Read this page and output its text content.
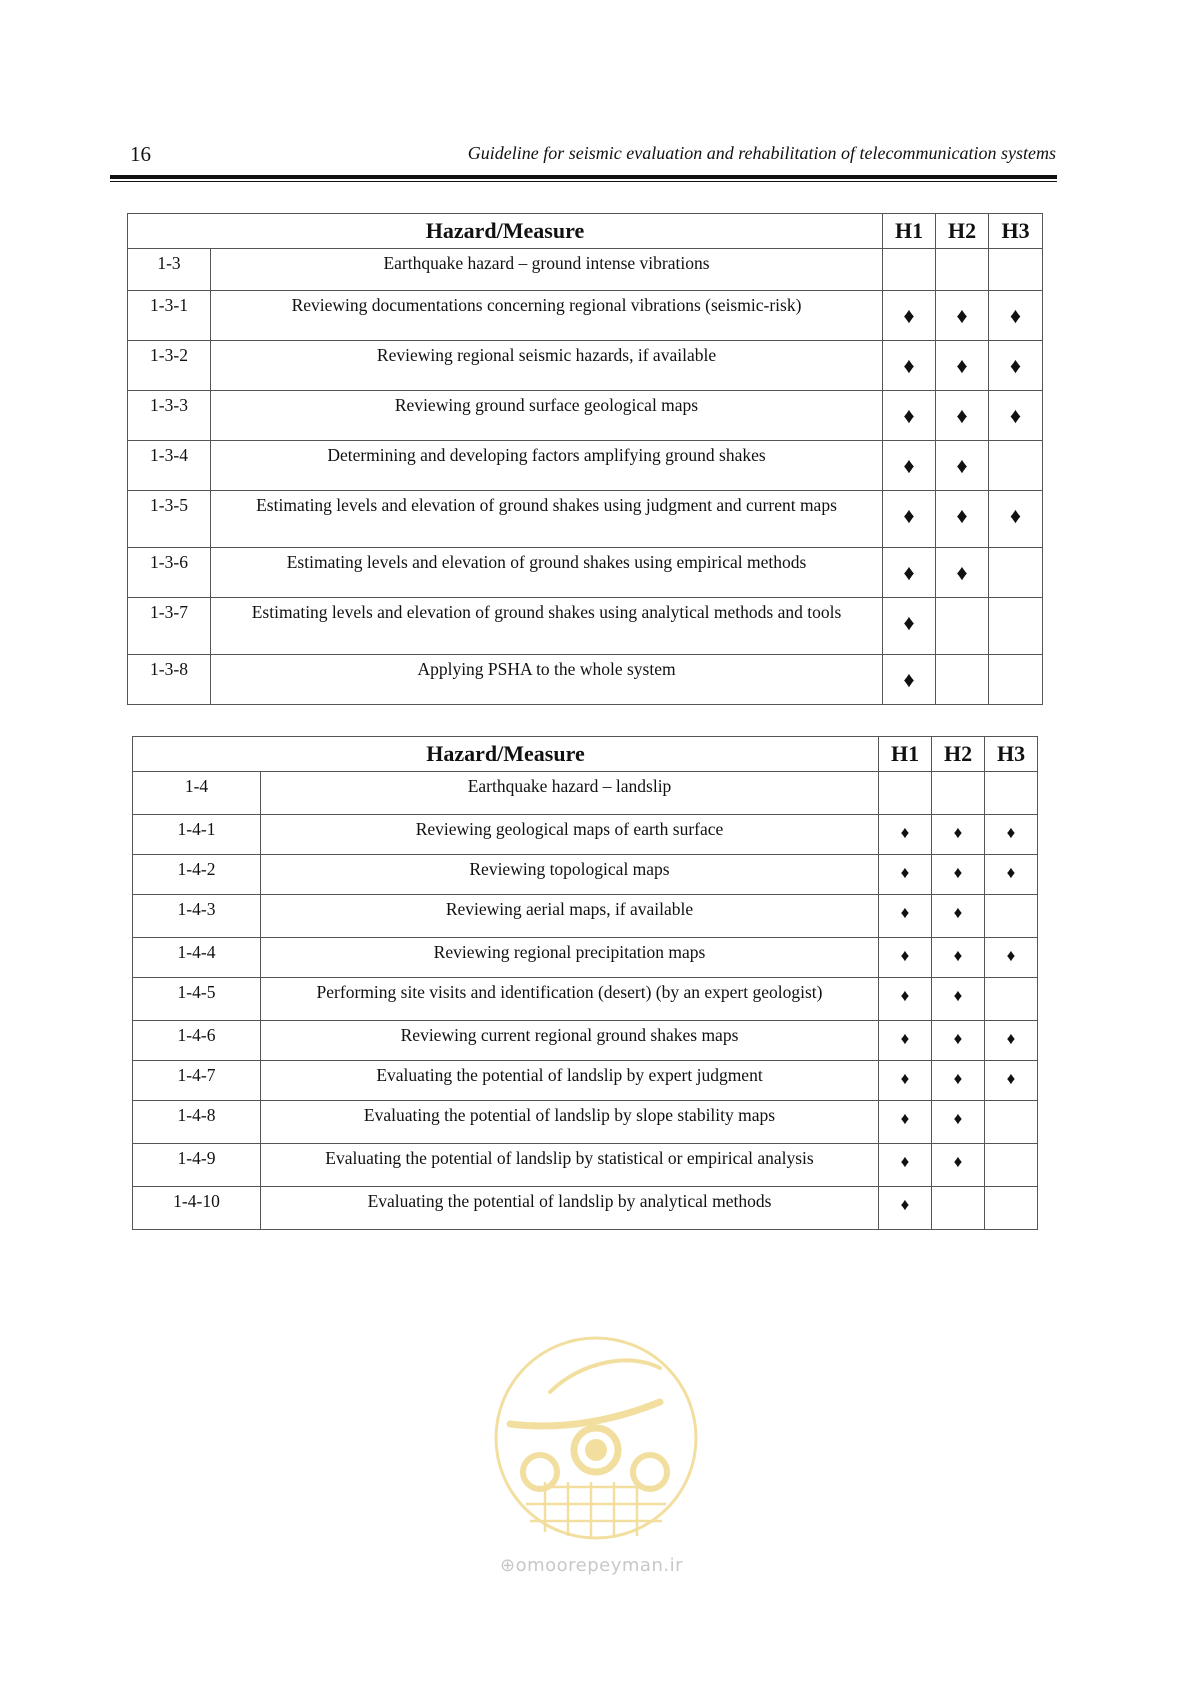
16	Guideline for seismic evaluation and rehabilitation of telecommunication systems
Hazard/Measure		H1	H2	H3
1-3	Earthquake hazard – ground intense vibrations			
1-3-1	Reviewing documentations concerning regional vibrations (seismic-risk)	♦	♦	♦
1-3-2	Reviewing regional seismic hazards, if available	♦	♦	♦
1-3-3	Reviewing ground surface geological maps	♦	♦	♦
1-3-4	Determining and developing factors amplifying ground shakes	♦	♦	
1-3-5	Estimating levels and elevation of ground shakes using judgment and current maps	♦	♦	♦
1-3-6	Estimating levels and elevation of ground shakes using empirical methods	♦	♦	
1-3-7	Estimating levels and elevation of ground shakes using analytical methods and tools	♦		
1-3-8	Applying PSHA to the whole system	♦		
Hazard/Measure		H1	H2	H3
1-4	Earthquake hazard – landslip			
1-4-1	Reviewing geological maps of earth surface	♦	♦	♦
1-4-2	Reviewing topological maps	♦	♦	♦
1-4-3	Reviewing aerial maps, if available	♦	♦	
1-4-4	Reviewing regional precipitation maps	♦	♦	♦
1-4-5	Performing site visits and identification (desert) (by an expert geologist)	♦	♦	
1-4-6	Reviewing current regional ground shakes maps	♦	♦	♦
1-4-7	Evaluating the potential of landslip by expert judgment	♦	♦	♦
1-4-8	Evaluating the potential of landslip by slope stability maps	♦	♦	
1-4-9	Evaluating the potential of landslip by statistical or empirical analysis	♦	♦	
1-4-10	Evaluating the potential of landslip by analytical methods	♦		
⊕omoorepeyman.ir
